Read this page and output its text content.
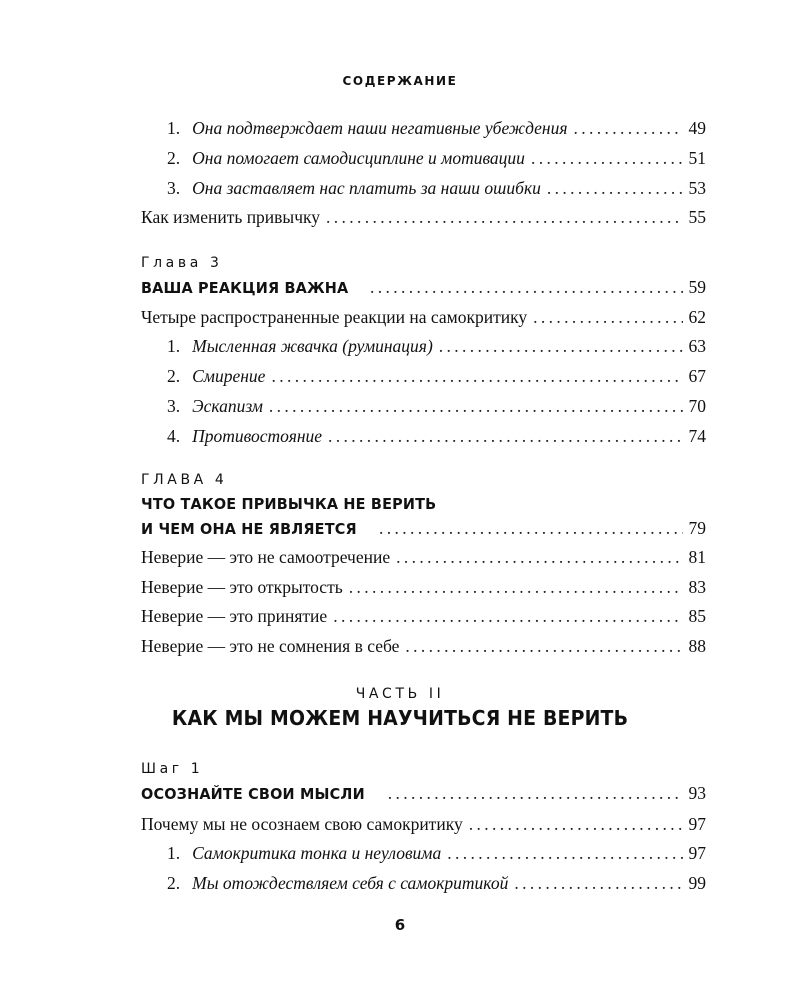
СОДЕРЖАНИЕ
1. Она подтверждает наши негативные убеждения . . .	49
2. Она помогает самодисциплине и мотивации . . .	51
3. Она заставляет нас платить за наши ошибки . . .	53
Как изменить привычку . . .	55
Глава 3
ВАША РЕАКЦИЯ ВАЖНА . . .	59
Четыре распространенные реакции на самокритику . . .	62
1. Мысленная жвачка (руминация) . . .	63
2. Смирение . . .	67
3. Эскапизм . . .	70
4. Противостояние . . .	74
ГЛАВА 4
ЧТО ТАКОЕ ПРИВЫЧКА НЕ ВЕРИТЬ
И ЧЕМ ОНА НЕ ЯВЛЯЕТСЯ . . .	79
Неверие — это не самоотречение . . .	81
Неверие — это открытость . . .	83
Неверие — это принятие . . .	85
Неверие — это не сомнения в себе . . .	88
Шаг 1
ОСОЗНАЙТЕ СВОИ МЫСЛИ . . .	93
Почему мы не осознаем свою самокритику . . .	97
1. Самокритика тонка и неуловима . . .	97
2. Мы отождествляем себя с самокритикой . . .	99
ЧАСТЬ II
КАК МЫ МОЖЕМ НАУЧИТЬСЯ НЕ ВЕРИТЬ
6
